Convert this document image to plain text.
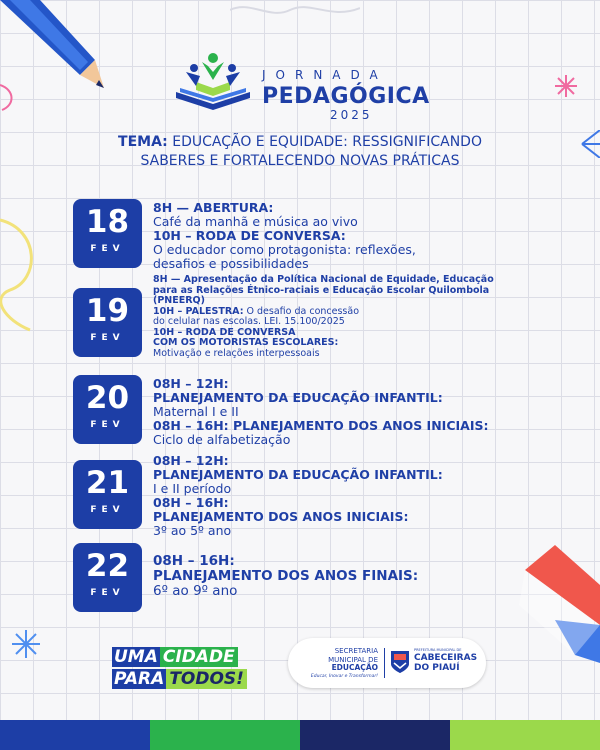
JORNADA
PEDAGÓGICA
2025
TEMA: EDUCAÇÃO E EQUIDADE: RESSIGNIFICANDO
SABERES E FORTALECENDO NOVAS PRÁTICAS
18
FEV
8H — ABERTURA:
Café da manhã e música ao vivo
10H – RODA DE CONVERSA:
O educador como protagonista: reflexões,
desafios e possibilidades
19
FEV
8H — Apresentação da Política Nacional de Equidade, Educação
para as Relações Étnico-raciais e Educação Escolar Quilombola
(PNEERQ)
10H – PALESTRA: O desafio da concessão
do celular nas escolas. LEI. 15.100/2025
10H – RODA DE CONVERSA
COM OS MOTORISTAS ESCOLARES:
Motivação e relações interpessoais
20
FEV
08H – 12H:
PLANEJAMENTO DA EDUCAÇÃO INFANTIL:
Maternal I e II
08H – 16H: PLANEJAMENTO DOS ANOS INICIAIS:
Ciclo de alfabetização
21
FEV
08H – 12H:
PLANEJAMENTO DA EDUCAÇÃO INFANTIL:
I e II período
08H – 16H:
PLANEJAMENTO DOS ANOS INICIAIS:
3º ao 5º ano
22
FEV
08H – 16H:
PLANEJAMENTO DOS ANOS FINAIS:
6º ao 9º ano
UMA CIDADE
PARA TODOS!
SECRETARIA
MUNICIPAL DE
EDUCAÇÃO
Educar, Inovar e Transformar!
PREFEITURA MUNICIPAL DE
CABECEIRAS
DO PIAUÍ
